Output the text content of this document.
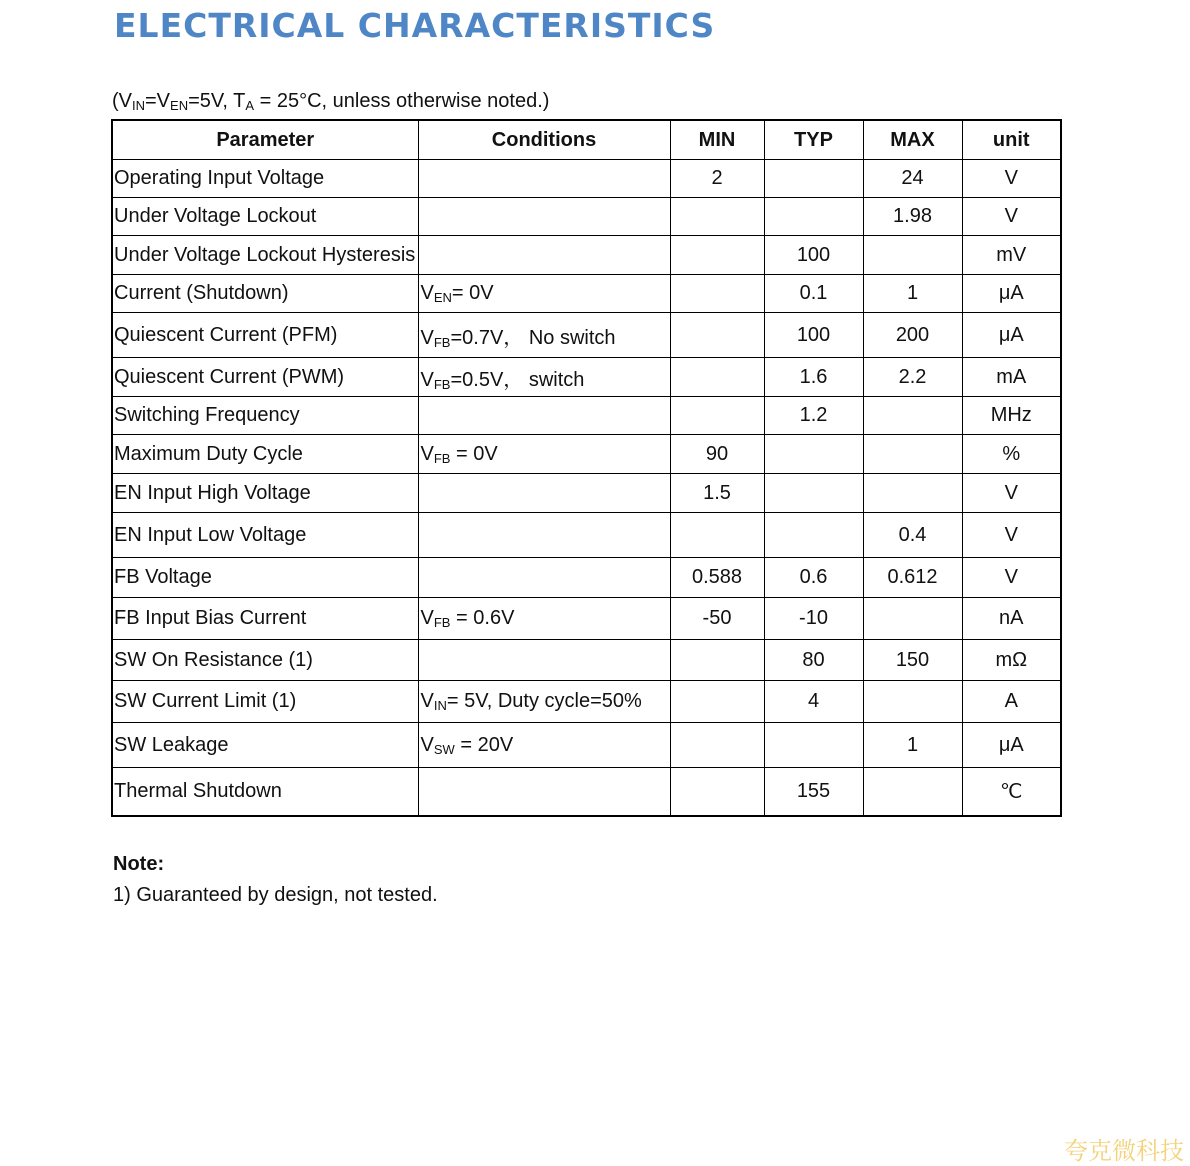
ELECTRICAL CHARACTERISTICS
($V_{IN}=V_{EN}=5V$, $T_A = 25^\circ C$, unless otherwise noted.)
Parameter	Conditions	MIN	TYP	MAX	unit
Operating Input Voltage		2		24	V
Under Voltage Lockout				1.98	V
Under Voltage Lockout Hysteresis			100		mV
Current (Shutdown)	$V_{EN}= 0V$		0.1	1	μA
Quiescent Current (PFM)	$V_{FB}=0.7V$， No switch		100	200	μA
Quiescent Current (PWM)	$V_{FB}=0.5V$， switch		1.6	2.2	mA
Switching Frequency			1.2		MHz
Maximum Duty Cycle	$V_{FB} = 0V$	90			%
EN Input High Voltage		1.5			V
EN Input Low Voltage				0.4	V
FB Voltage		0.588	0.6	0.612	V
FB Input Bias Current	$V_{FB} = 0.6V$	-50	-10		nA
SW On Resistance (1)			80	150	mΩ
SW Current Limit (1)	$V_{IN}= 5V$, Duty cycle=50%		4		A
SW Leakage	$V_{SW} = 20V$			1	μA
Thermal Shutdown			155		℃
Note:
1) Guaranteed by design, not tested.
夸克微科技
